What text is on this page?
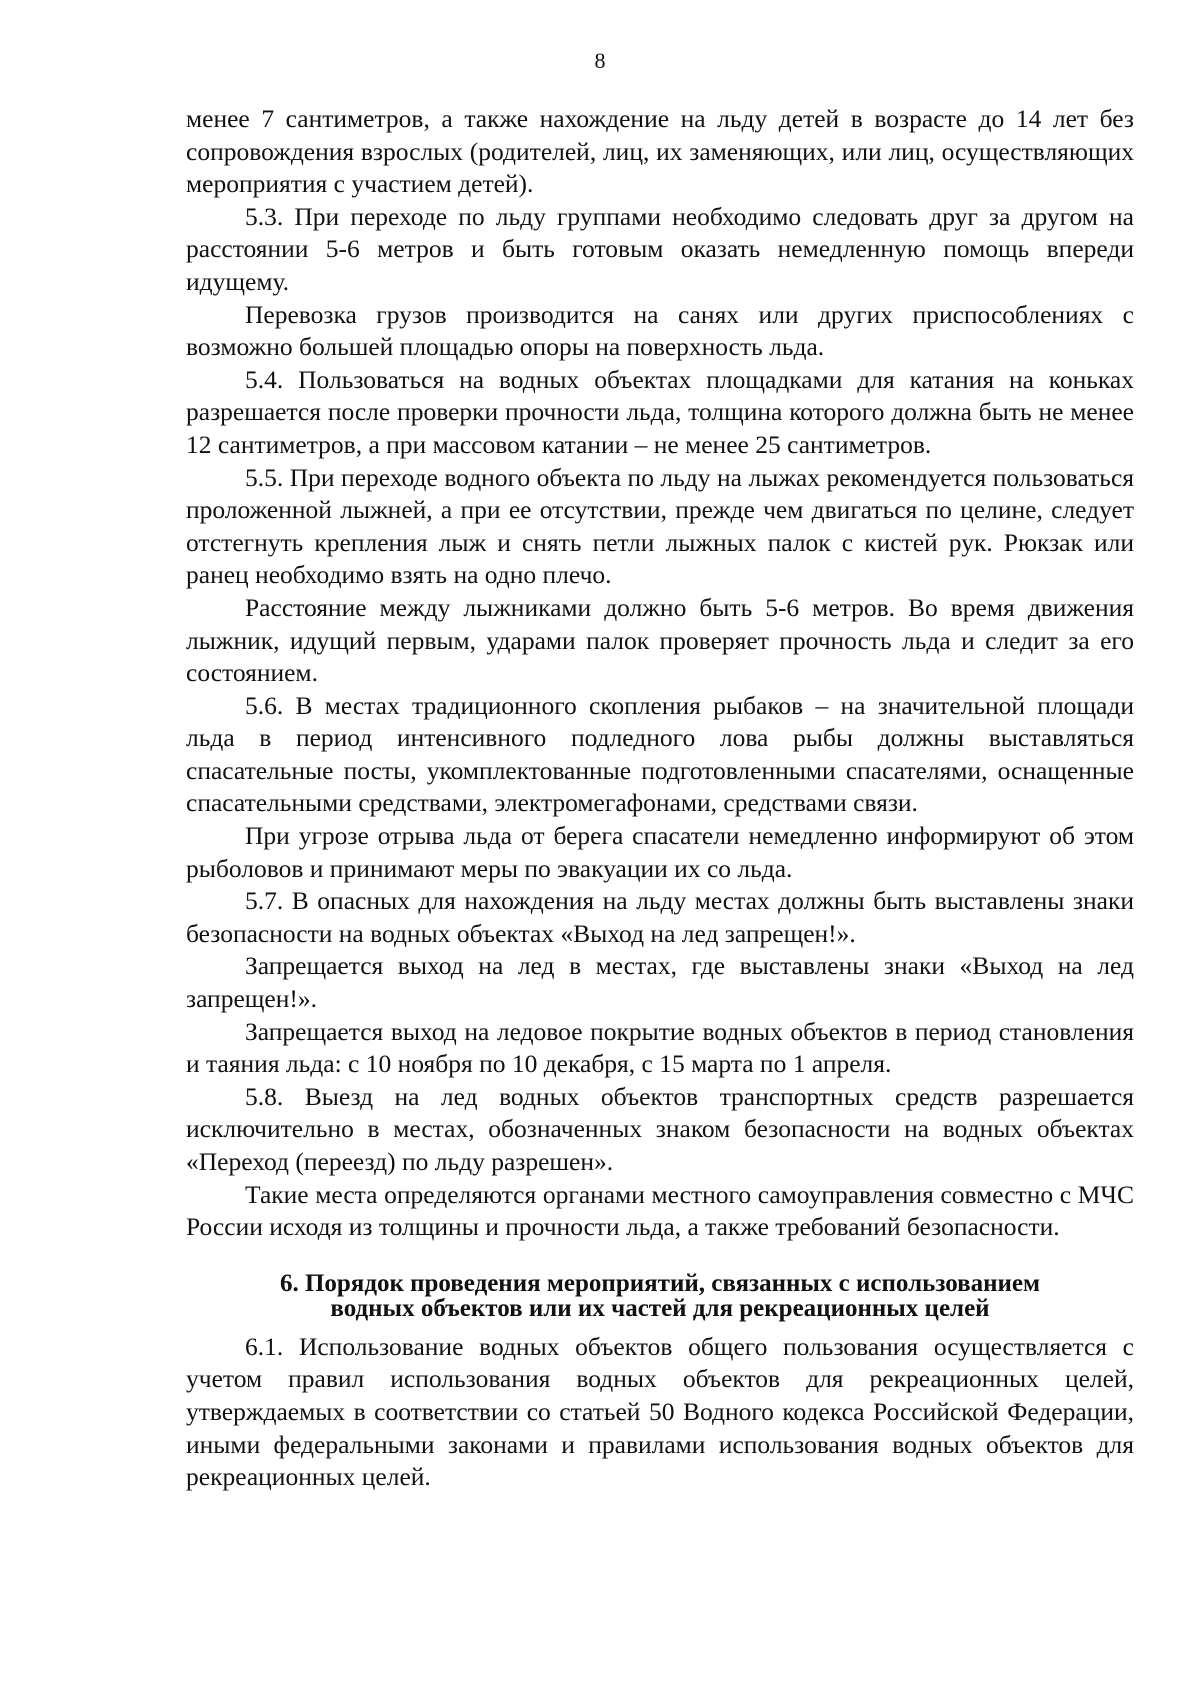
8

менее 7 сантиметров, а также нахождение на льду детей в возрасте до 14 лет без сопровождения взрослых (родителей, лиц, их заменяющих, или лиц, осуществляющих мероприятия с участием детей).

5.3. При переходе по льду группами необходимо следовать друг за другом на расстоянии 5-6 метров и быть готовым оказать немедленную помощь впереди идущему.

Перевозка грузов производится на санях или других приспособлениях с возможно большей площадью опоры на поверхность льда.

5.4. Пользоваться на водных объектах площадками для катания на коньках разрешается после проверки прочности льда, толщина которого должна быть не менее 12 сантиметров, а при массовом катании – не менее 25 сантиметров.

5.5. При переходе водного объекта по льду на лыжах рекомендуется пользоваться проложенной лыжней, а при ее отсутствии, прежде чем двигаться по целине, следует отстегнуть крепления лыж и снять петли лыжных палок с кистей рук. Рюкзак или ранец необходимо взять на одно плечо.

Расстояние между лыжниками должно быть 5-6 метров. Во время движения лыжник, идущий первым, ударами палок проверяет прочность льда и следит за его состоянием.

5.6. В местах традиционного скопления рыбаков – на значительной площади льда в период интенсивного подледного лова рыбы должны выставляться спасательные посты, укомплектованные подготовленными спасателями, оснащенные спасательными средствами, электромегафонами, средствами связи.

При угрозе отрыва льда от берега спасатели немедленно информируют об этом рыболовов и принимают меры по эвакуации их со льда.

5.7. В опасных для нахождения на льду местах должны быть выставлены знаки безопасности на водных объектах «Выход на лед запрещен!».

Запрещается выход на лед в местах, где выставлены знаки «Выход на лед запрещен!».

Запрещается выход на ледовое покрытие водных объектов в период становления и таяния льда: с 10 ноября по 10 декабря, с 15 марта по 1 апреля.

5.8. Выезд на лед водных объектов транспортных средств разрешается исключительно в местах, обозначенных знаком безопасности на водных объектах «Переход (переезд) по льду разрешен».

Такие места определяются органами местного самоуправления совместно с МЧС России исходя из толщины и прочности льда, а также требований безопасности.

6. Порядок проведения мероприятий, связанных с использованием
водных объектов или их частей для рекреационных целей

6.1. Использование водных объектов общего пользования осуществляется с учетом правил использования водных объектов для рекреационных целей, утверждаемых в соответствии со статьей 50 Водного кодекса Российской Федерации, иными федеральными законами и правилами использования водных объектов для рекреационных целей.
